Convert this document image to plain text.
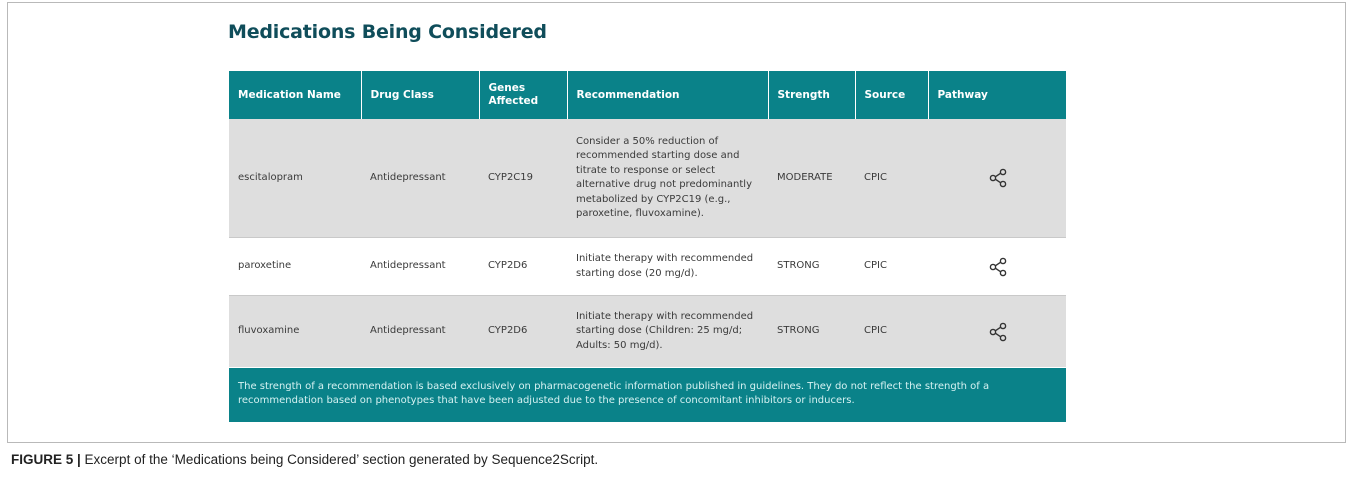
Medications Being Considered
Medication Name	Drug Class	Genes Affected	Recommendation	Strength	Source	Pathway
escitalopram	Antidepressant	CYP2C19	Consider a 50% reduction of recommended starting dose and titrate to response or select alternative drug not predominantly metabolized by CYP2C19 (e.g., paroxetine, fluvoxamine).	MODERATE	CPIC	
paroxetine	Antidepressant	CYP2D6	Initiate therapy with recommended starting dose (20 mg/d).	STRONG	CPIC	
fluvoxamine	Antidepressant	CYP2D6	Initiate therapy with recommended starting dose (Children: 25 mg/d; Adults: 50 mg/d).	STRONG	CPIC	
The strength of a recommendation is based exclusively on pharmacogenetic information published in guidelines. They do not reflect the strength of a recommendation based on phenotypes that have been adjusted due to the presence of concomitant inhibitors or inducers.
FIGURE 5 | Excerpt of the ‘Medications being Considered’ section generated by Sequence2Script.
